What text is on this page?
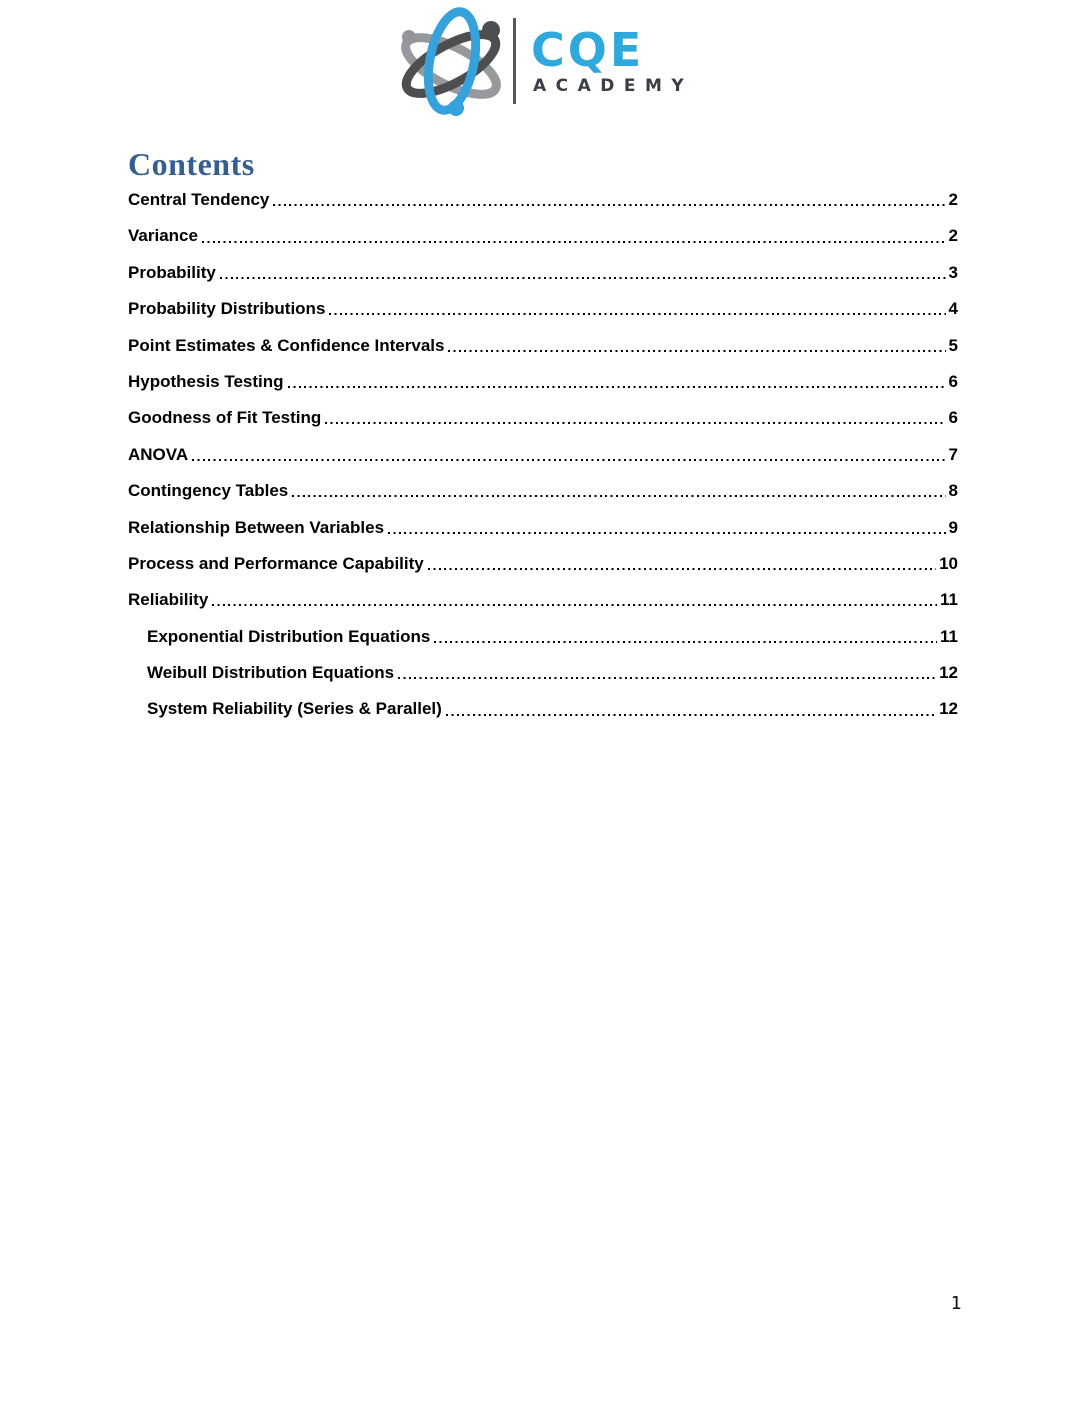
CQE
ACADEMY
Contents
Central Tendency	2
Variance	2
Probability	3
Probability Distributions	4
Point Estimates & Confidence Intervals	5
Hypothesis Testing	6
Goodness of Fit Testing	6
ANOVA	7
Contingency Tables	8
Relationship Between Variables	9
Process and Performance Capability	10
Reliability	11
Exponential Distribution Equations	11
Weibull Distribution Equations	12
System Reliability (Series & Parallel)	12
1
